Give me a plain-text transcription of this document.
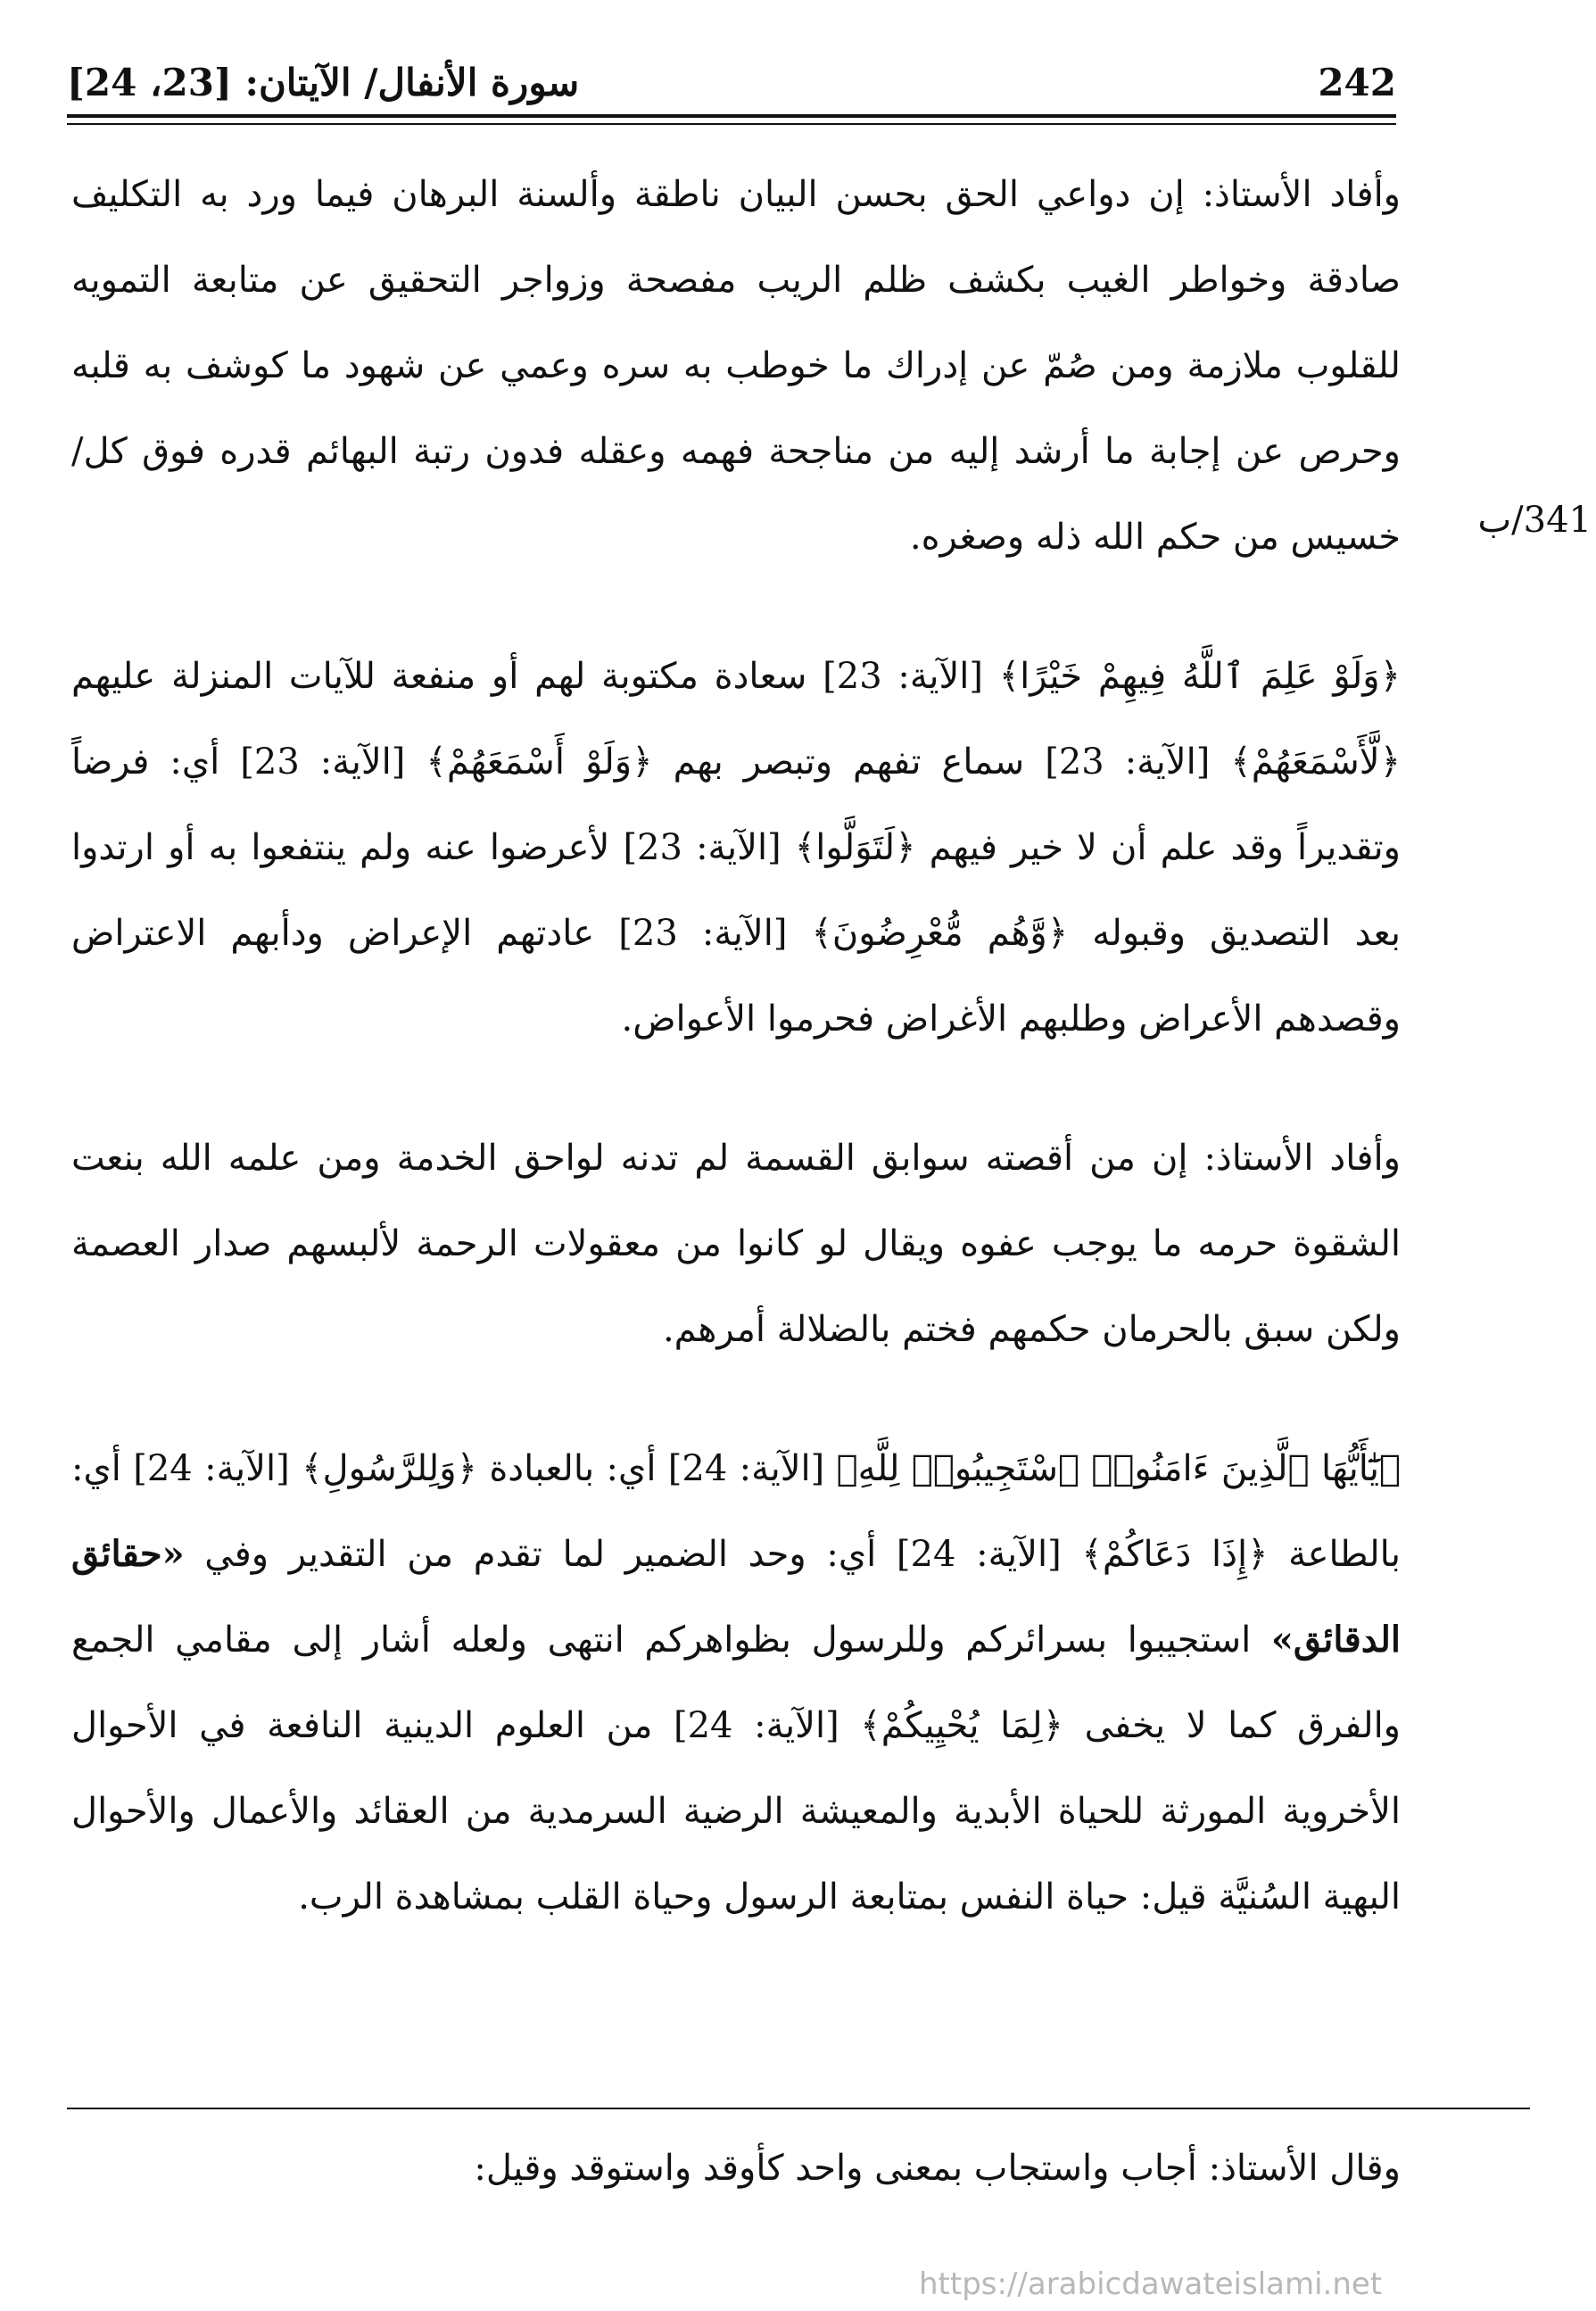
242
سورة الأنفال/ الآيتان: [23، 24]
341/ب

وأفاد الأستاذ: إن دواعي الحق بحسن البيان ناطقة وألسنة البرهان فيما ورد به التكليف صادقة وخواطر الغيب بكشف ظلم الريب مفصحة وزواجر التحقيق عن متابعة التمويه للقلوب ملازمة ومن صُمّ عن إدراك ما خوطب به سره وعمي عن شهود ما كوشف به قلبه وحرص عن إجابة ما أرشد إليه من مناجحة فهمه وعقله فدون رتبة البهائم قدره فوق كل/ خسيس من حكم الله ذله وصغره.

﴿وَلَوْ عَلِمَ ٱللَّهُ فِيهِمْ خَيْرًا﴾ [الآية: 23] سعادة مكتوبة لهم أو منفعة للآيات المنزلة عليهم ﴿لَّأَسْمَعَهُمْ﴾ [الآية: 23] سماع تفهم وتبصر بهم ﴿وَلَوْ أَسْمَعَهُمْ﴾ [الآية: 23] أي: فرضاً وتقديراً وقد علم أن لا خير فيهم ﴿لَتَوَلَّوا﴾ [الآية: 23] لأعرضوا عنه ولم ينتفعوا به أو ارتدوا بعد التصديق وقبوله ﴿وَّهُم مُّعْرِضُونَ﴾ [الآية: 23] عادتهم الإعراض ودأبهم الاعتراض وقصدهم الأعراض وطلبهم الأغراض فحرموا الأعواض.

وأفاد الأستاذ: إن من أقصته سوابق القسمة لم تدنه لواحق الخدمة ومن علمه الله بنعت الشقوة حرمه ما يوجب عفوه ويقال لو كانوا من معقولات الرحمة لألبسهم صدار العصمة ولكن سبق بالحرمان حكمهم فختم بالضلالة أمرهم.

﴿يَٰٓأَيُّهَا ٱلَّذِينَ ءَامَنُوا۟ ٱسْتَجِيبُوا۟ لِلَّهِ﴾ [الآية: 24] أي: بالعبادة ﴿وَلِلرَّسُولِ﴾ [الآية: 24] أي: بالطاعة ﴿إِذَا دَعَاكُمْ﴾ [الآية: 24] أي: وحد الضمير لما تقدم من التقدير وفي «حقائق الدقائق» استجيبوا بسرائركم وللرسول بظواهركم انتهى ولعله أشار إلى مقامي الجمع والفرق كما لا يخفى ﴿لِمَا يُحْيِيكُمْ﴾ [الآية: 24] من العلوم الدينية النافعة في الأحوال الأخروية المورثة للحياة الأبدية والمعيشة الرضية السرمدية من العقائد والأعمال والأحوال البهية السُنيَّة قيل: حياة النفس بمتابعة الرسول وحياة القلب بمشاهدة الرب.

وقال الأستاذ: أجاب واستجاب بمعنى واحد كأوقد واستوقد وقيل:
https://arabicdawateislami.net
